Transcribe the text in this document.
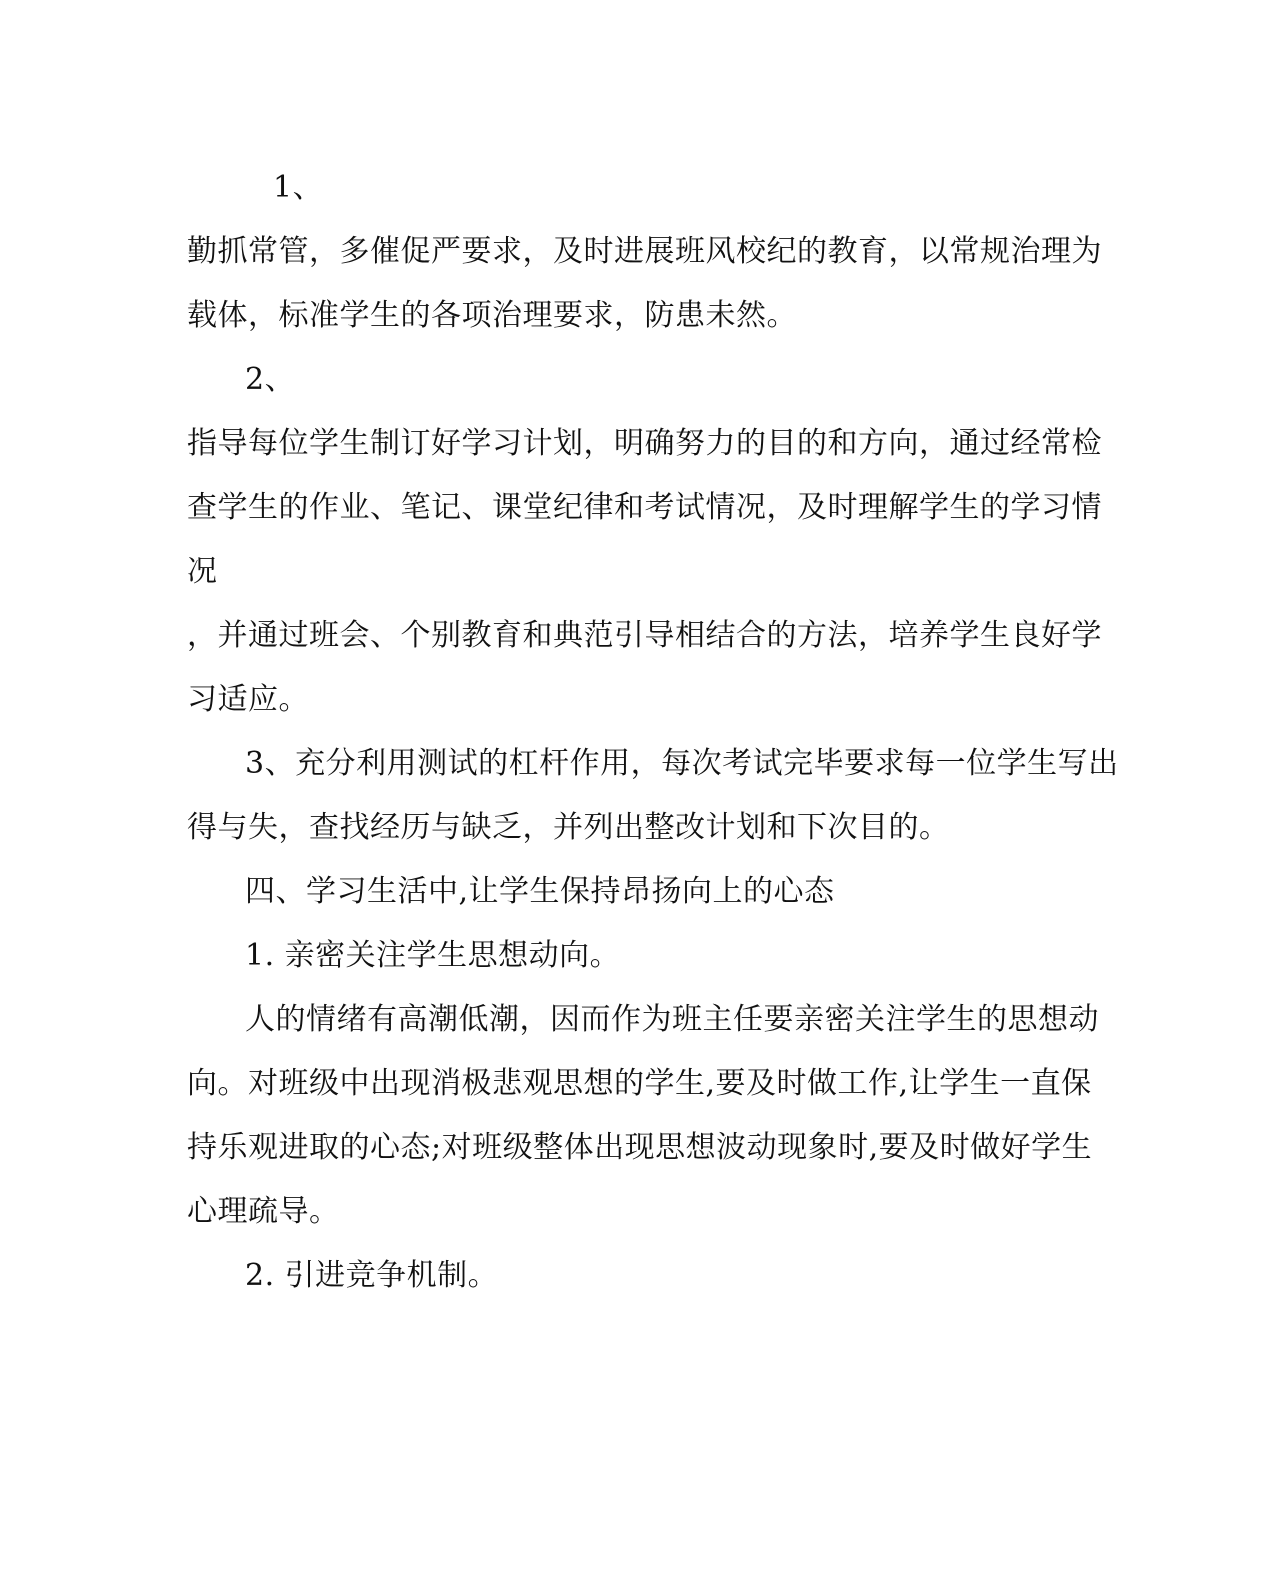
1、
勤抓常管，多催促严要求，及时进展班风校纪的教育，以常规治理为
载体，标准学生的各项治理要求，防患未然。
2、
指导每位学生制订好学习计划，明确努力的目的和方向，通过经常检
查学生的作业、笔记、课堂纪律和考试情况，及时理解学生的学习情
况
，并通过班会、个别教育和典范引导相结合的方法，培养学生良好学
习适应。
3、充分利用测试的杠杆作用，每次考试完毕要求每一位学生写出
得与失，查找经历与缺乏，并列出整改计划和下次目的。
四、学习生活中,让学生保持昂扬向上的心态
1. 亲密关注学生思想动向。
人的情绪有高潮低潮，因而作为班主任要亲密关注学生的思想动
向。对班级中出现消极悲观思想的学生,要及时做工作,让学生一直保
持乐观进取的心态;对班级整体出现思想波动现象时,要及时做好学生
心理疏导。
2. 引进竞争机制。
